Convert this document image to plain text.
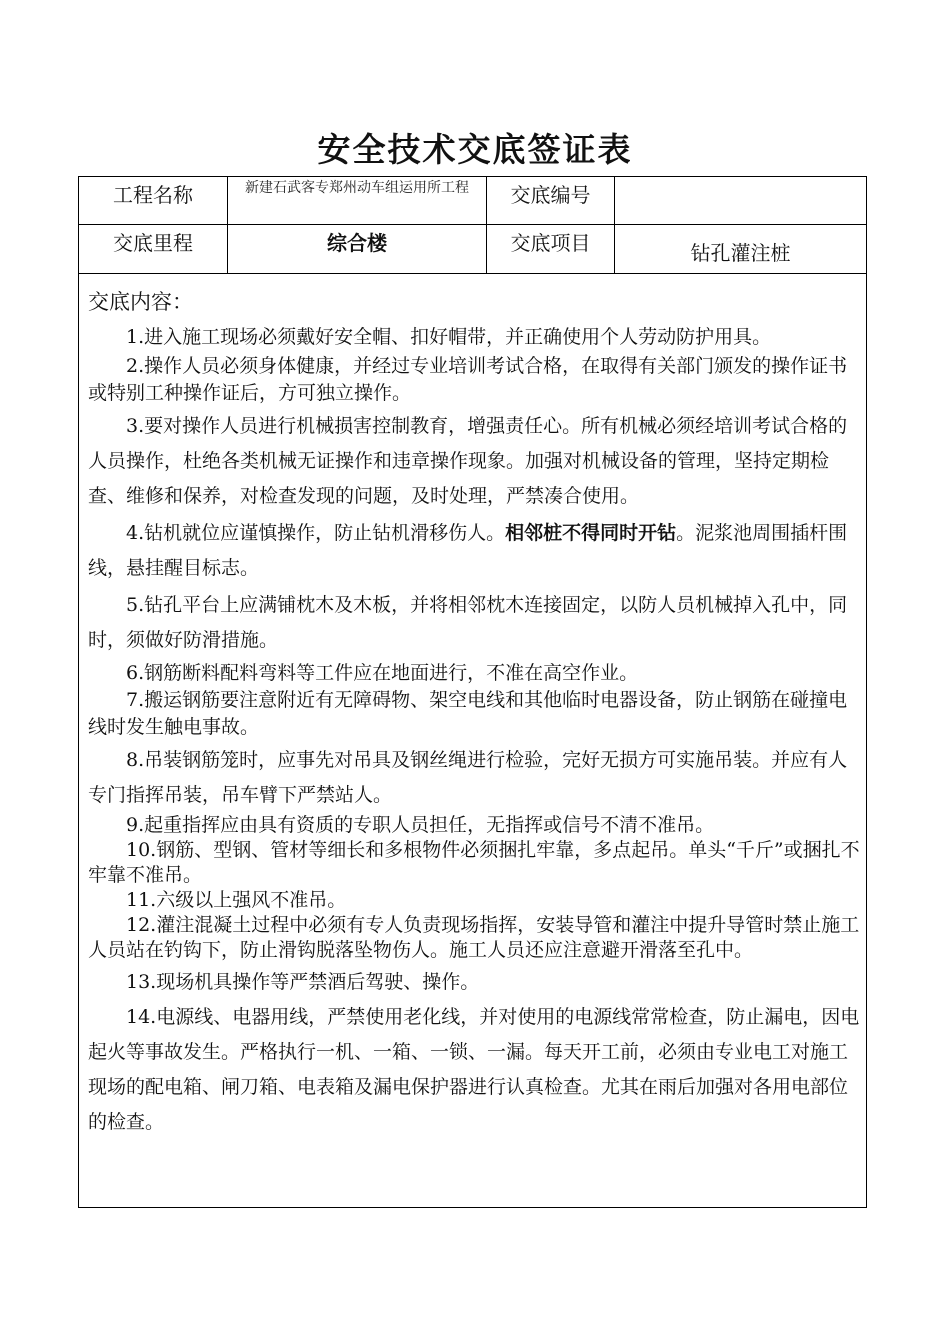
安全技术交底签证表
工程名称	新建石武客专郑州动车组运用所工程	交底编号
交底里程	综合楼	交底项目	钻孔灌注桩
交底内容：

1.进入施工现场必须戴好安全帽、扣好帽带，并正确使用个人劳动防护用具。

2.操作人员必须身体健康，并经过专业培训考试合格，在取得有关部门颁发的操作证书或特别工种操作证后，方可独立操作。

3.要对操作人员进行机械损害控制教育，增强责任心。所有机械必须经培训考试合格的人员操作，杜绝各类机械无证操作和违章操作现象。加强对机械设备的管理，坚持定期检查、维修和保养，对检查发现的问题，及时处理，严禁凑合使用。

4.钻机就位应谨慎操作，防止钻机滑移伤人。相邻桩不得同时开钻。泥浆池周围插杆围线，悬挂醒目标志。

5.钻孔平台上应满铺枕木及木板，并将相邻枕木连接固定，以防人员机械掉入孔中，同时，须做好防滑措施。

6.钢筋断料配料弯料等工件应在地面进行，不准在高空作业。

7.搬运钢筋要注意附近有无障碍物、架空电线和其他临时电器设备，防止钢筋在碰撞电线时发生触电事故。

8.吊装钢筋笼时，应事先对吊具及钢丝绳进行检验，完好无损方可实施吊装。并应有人专门指挥吊装，吊车臂下严禁站人。

9.起重指挥应由具有资质的专职人员担任，无指挥或信号不清不准吊。

10.钢筋、型钢、管材等细长和多根物件必须捆扎牢靠，多点起吊。单头“千斤”或捆扎不牢靠不准吊。

11.六级以上强风不准吊。

12.灌注混凝土过程中必须有专人负责现场指挥，安装导管和灌注中提升导管时禁止施工人员站在钓钩下，防止滑钩脱落坠物伤人。施工人员还应注意避开滑落至孔中。

13.现场机具操作等严禁酒后驾驶、操作。

14.电源线、电器用线，严禁使用老化线，并对使用的电源线常常检查，防止漏电，因电起火等事故发生。严格执行一机、一箱、一锁、一漏。每天开工前，必须由专业电工对施工现场的配电箱、闸刀箱、电表箱及漏电保护器进行认真检查。尤其在雨后加强对各用电部位的检查。
